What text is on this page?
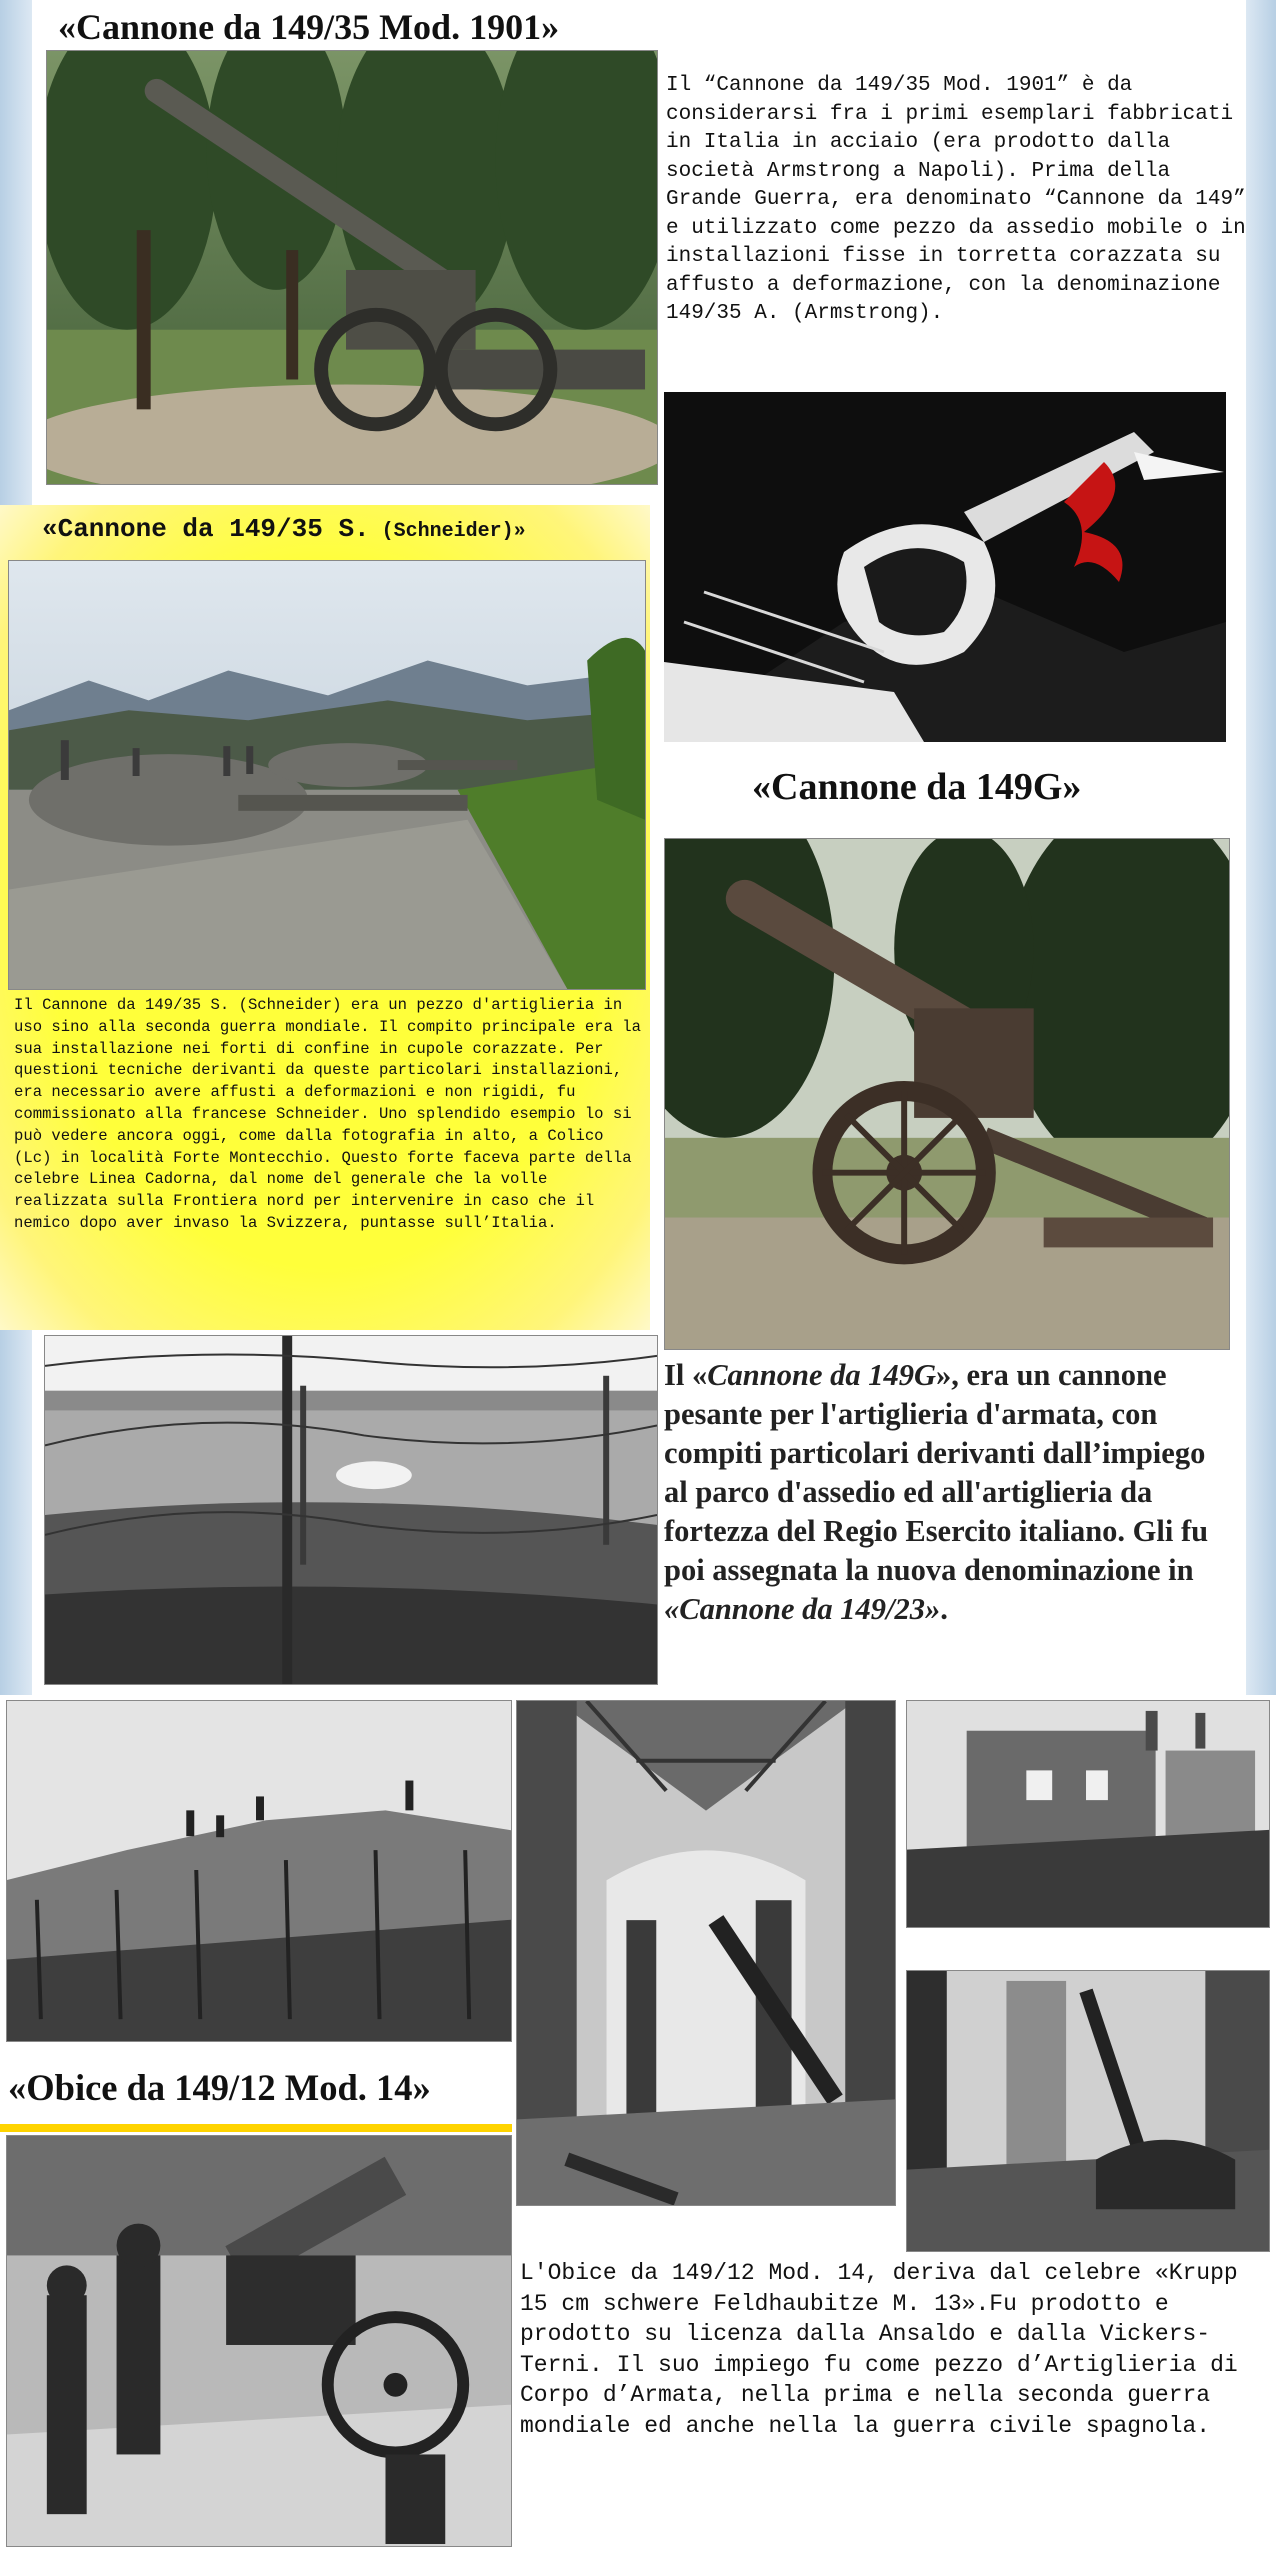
«Cannone da 149/35 Mod. 1901»

Il “Cannone da 149/35 Mod. 1901” è da considerarsi fra i primi esemplari fabbricati in Italia in acciaio (era prodotto dalla società Armstrong a Napoli). Prima della Grande Guerra, era denominato “Cannone da 149” e utilizzato come pezzo da assedio mobile o in installazioni fisse in torretta corazzata su affusto a deformazione, con la denominazione 149/35 A. (Armstrong).

«Cannone da 149/35 S. (Schneider)»

Il Cannone da 149/35 S. (Schneider) era un pezzo d'artiglieria in uso sino alla seconda guerra mondiale. Il compito principale era la sua installazione nei forti di confine in cupole corazzate. Per questioni tecniche derivanti da queste particolari installazioni, era necessario avere affusti a deformazioni e non rigidi, fu commissionato alla francese Schneider. Uno splendido esempio lo si può vedere ancora oggi, come dalla fotografia in alto, a Colico (Lc) in località Forte Montecchio. Questo forte faceva parte della celebre Linea Cadorna, dal nome del generale che la volle realizzata sulla Frontiera nord per intervenire in caso che il nemico dopo aver invaso la Svizzera, puntasse sull’Italia.

«Cannone da 149G»

Il «Cannone da 149G», era un cannone pesante per l'artiglieria d'armata, con compiti particolari derivanti dall’impiego al parco d'assedio ed all'artiglieria da fortezza del Regio Esercito italiano. Gli fu poi assegnata la nuova denominazione in «Cannone da 149/23».

«Obice da 149/12 Mod. 14»

L'Obice da 149/12 Mod. 14, deriva dal celebre «Krupp 15 cm schwere Feldhaubitze M. 13».Fu prodotto e prodotto su licenza dalla Ansaldo e dalla Vickers-Terni. Il suo impiego fu come pezzo d’Artiglieria di Corpo d’Armata, nella prima e nella seconda guerra mondiale ed anche nella la guerra civile spagnola.
